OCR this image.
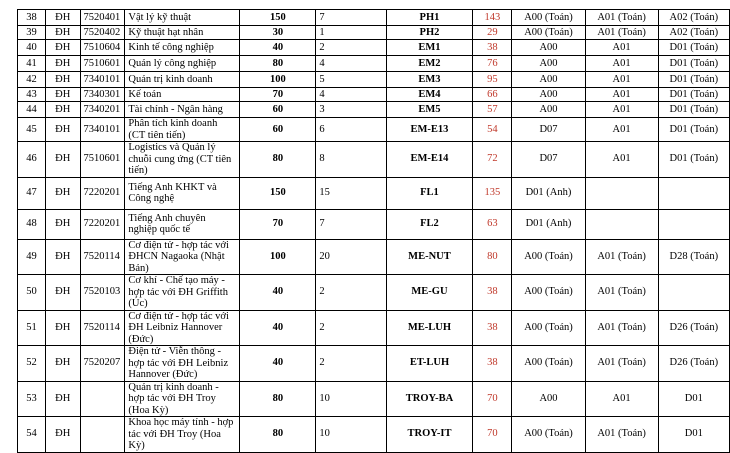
38	ĐH	7520401	Vật lý kỹ thuật	150	7	PH1	143	A00 (Toán)	A01 (Toán)	A02 (Toán)
39	ĐH	7520402	Kỹ thuật hạt nhân	30	1	PH2	29	A00 (Toán)	A01 (Toán)	A02 (Toán)
40	ĐH	7510604	Kinh tế công nghiệp	40	2	EM1	38	A00	A01	D01 (Toán)
41	ĐH	7510601	Quản lý công nghiệp	80	4	EM2	76	A00	A01	D01 (Toán)
42	ĐH	7340101	Quản trị kinh doanh	100	5	EM3	95	A00	A01	D01 (Toán)
43	ĐH	7340301	Kế toán	70	4	EM4	66	A00	A01	D01 (Toán)
44	ĐH	7340201	Tài chính - Ngân hàng	60	3	EM5	57	A00	A01	D01 (Toán)
45	ĐH	7340101	Phân tích kinh doanh (CT tiên tiến)	60	6	EM-E13	54	D07	A01	D01 (Toán)
46	ĐH	7510601	Logistics và Quản lý chuỗi cung ứng (CT tiên tiến)	80	8	EM-E14	72	D07	A01	D01 (Toán)
47	ĐH	7220201	Tiếng Anh KHKT và Công nghệ	150	15	FL1	135	D01 (Anh)		
48	ĐH	7220201	Tiếng Anh chuyên nghiệp quốc tế	70	7	FL2	63	D01 (Anh)		
49	ĐH	7520114	Cơ điện tử - hợp tác với ĐHCN Nagaoka (Nhật Bản)	100	20	ME-NUT	80	A00 (Toán)	A01 (Toán)	D28 (Toán)
50	ĐH	7520103	Cơ khí - Chế tạo máy - hợp tác với ĐH Griffith (Úc)	40	2	ME-GU	38	A00 (Toán)	A01 (Toán)	
51	ĐH	7520114	Cơ điện tử - hợp tác với ĐH Leibniz Hannover (Đức)	40	2	ME-LUH	38	A00 (Toán)	A01 (Toán)	D26 (Toán)
52	ĐH	7520207	Điện tử - Viễn thông - hợp tác với ĐH Leibniz Hannover (Đức)	40	2	ET-LUH	38	A00 (Toán)	A01 (Toán)	D26 (Toán)
53	ĐH		Quản trị kinh doanh - hợp tác với ĐH Troy (Hoa Kỳ)	80	10	TROY-BA	70	A00	A01	D01
54	ĐH		Khoa học máy tính - hợp tác với ĐH Troy (Hoa Kỳ)	80	10	TROY-IT	70	A00 (Toán)	A01 (Toán)	D01
